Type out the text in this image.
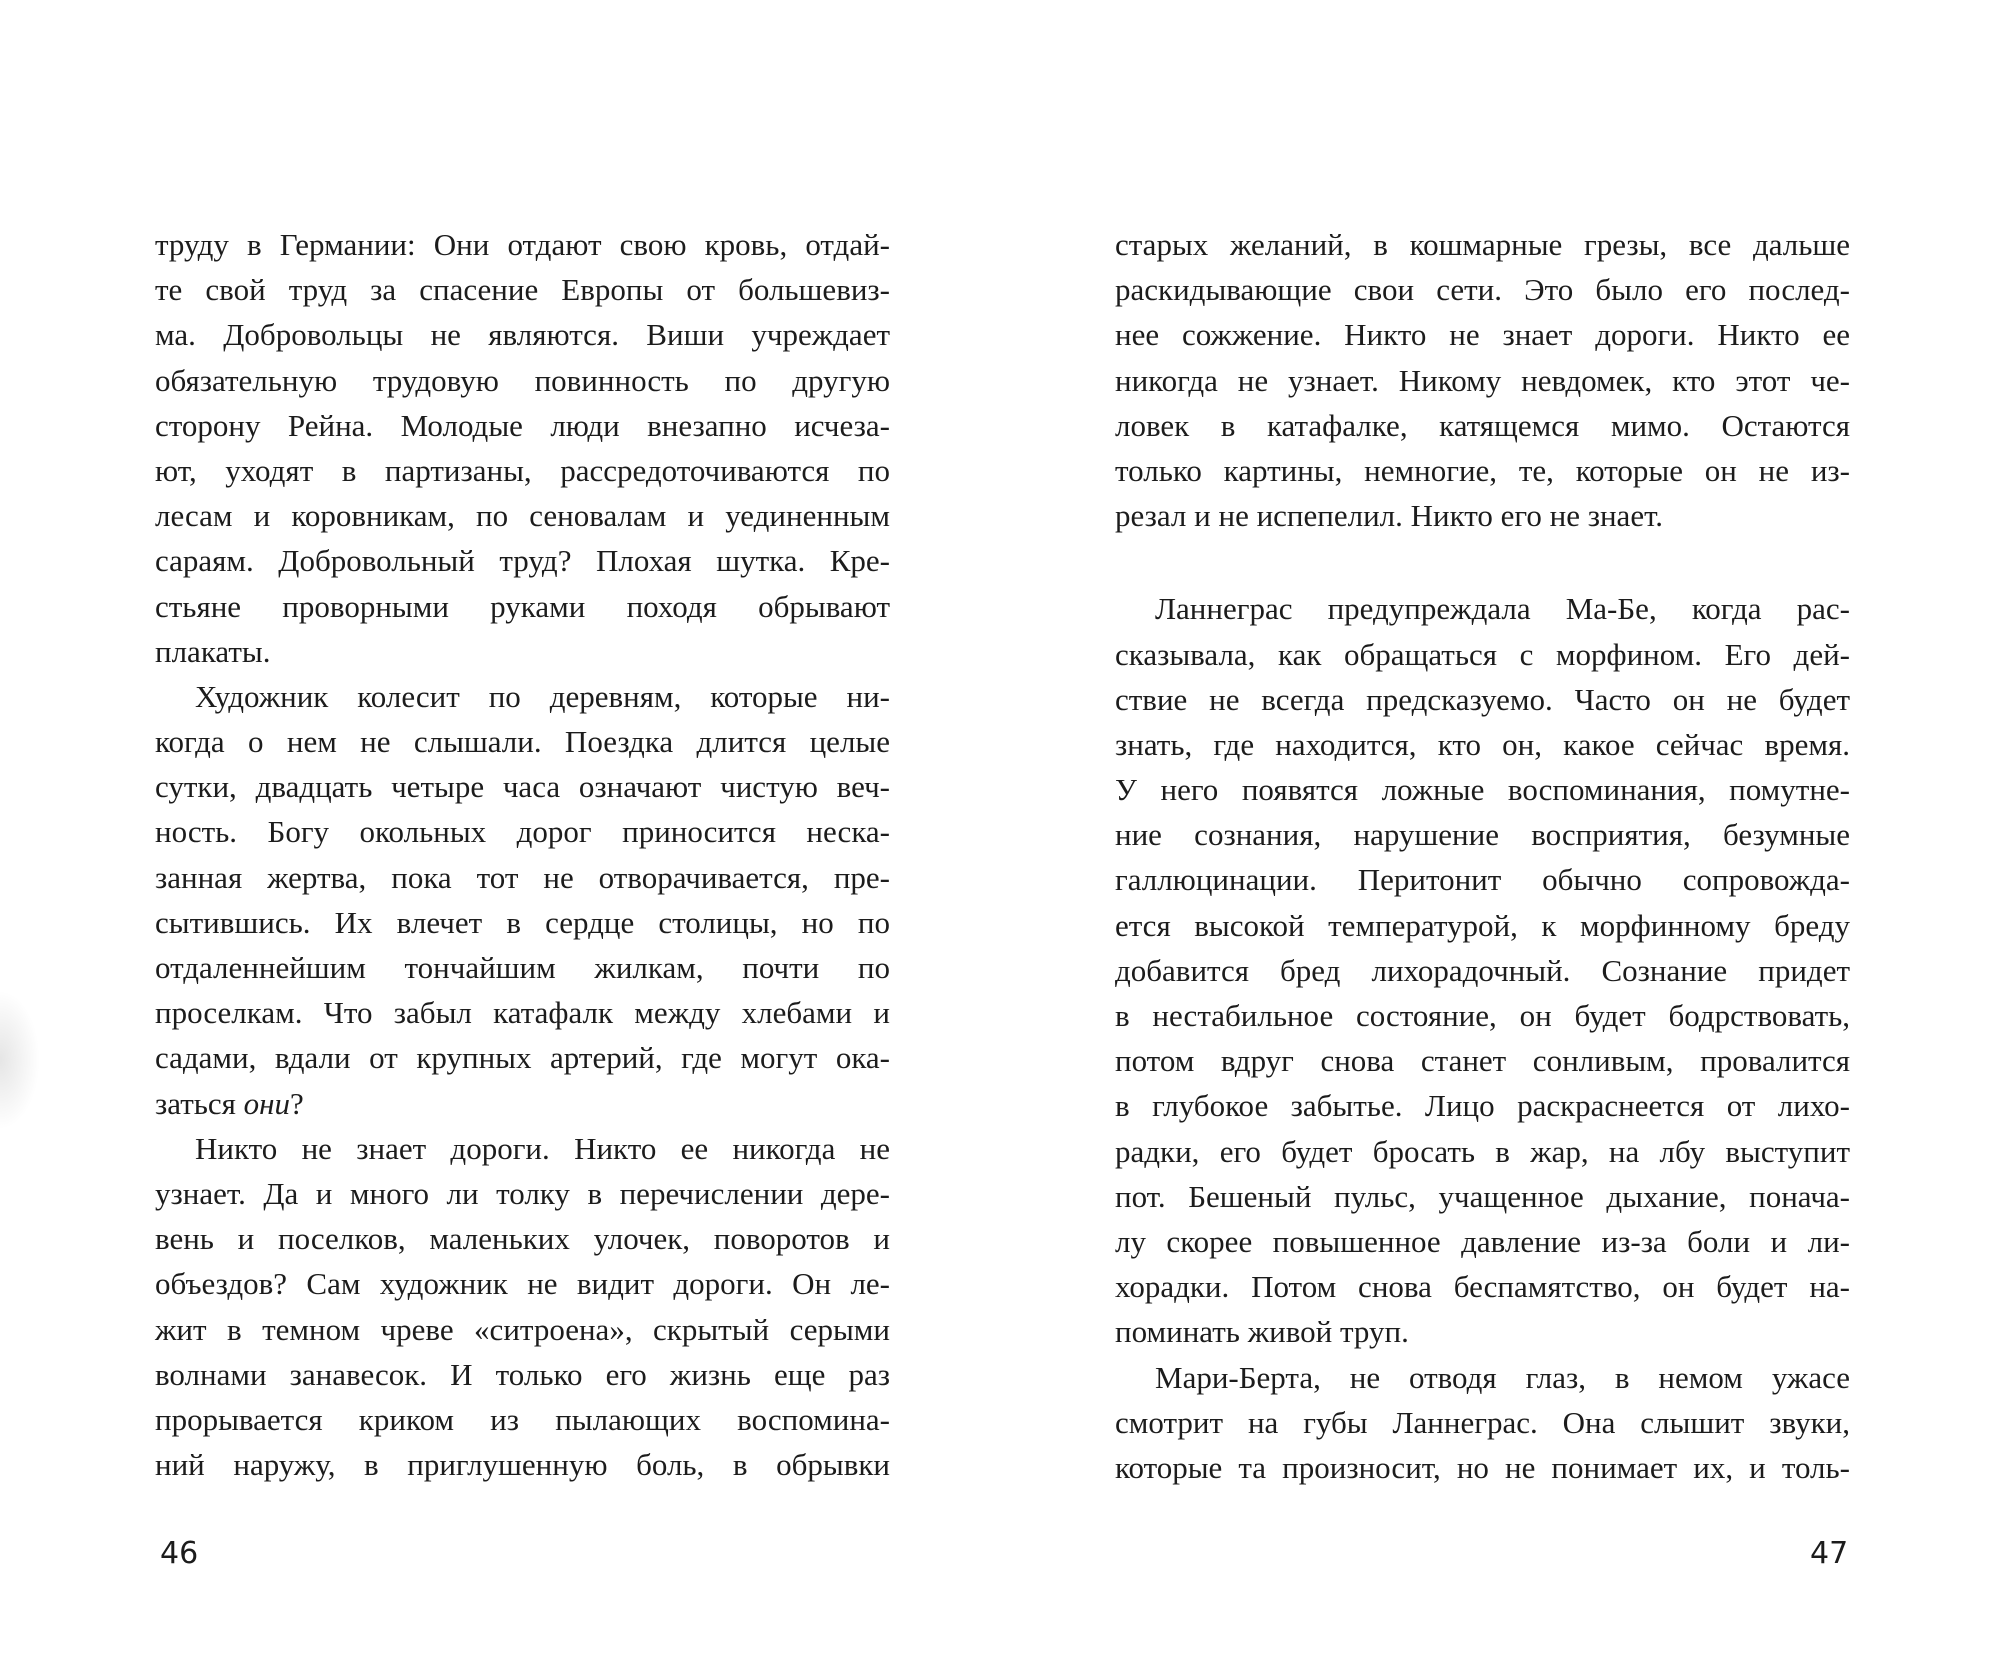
труду в Германии: Они отдают свою кровь, отдай-
те свой труд за спасение Европы от большевиз-
ма. Добровольцы не являются. Виши учреждает
обязательную трудовую повинность по другую
сторону Рейна. Молодые люди внезапно исчеза-
ют, уходят в партизаны, рассредоточиваются по
лесам и коровникам, по сеновалам и уединенным
сараям. Добровольный труд? Плохая шутка. Кре-
стьяне проворными руками походя обрывают
плакаты.
Художник колесит по деревням, которые ни-
когда о нем не слышали. Поездка длится целые
сутки, двадцать четыре часа означают чистую веч-
ность. Богу окольных дорог приносится неска-
занная жертва, пока тот не отворачивается, пре-
сытившись. Их влечет в сердце столицы, но по
отдаленнейшим тончайшим жилкам, почти по
проселкам. Что забыл катафалк между хлебами и
садами, вдали от крупных артерий, где могут ока-
заться они?
Никто не знает дороги. Никто ее никогда не
узнает. Да и много ли толку в перечислении дере-
вень и поселков, маленьких улочек, поворотов и
объездов? Сам художник не видит дороги. Он ле-
жит в темном чреве «ситроена», скрытый серыми
волнами занавесок. И только его жизнь еще раз
прорывается криком из пылающих воспомина-
ний наружу, в приглушенную боль, в обрывки
старых желаний, в кошмарные грезы, все дальше
раскидывающие свои сети. Это было его послед-
нее сожжение. Никто не знает дороги. Никто ее
никогда не узнает. Никому невдомек, кто этот че-
ловек в катафалке, катящемся мимо. Остаются
только картины, немногие, те, которые он не из-
резал и не испепелил. Никто его не знает.
Ланнеграс предупреждала Ма-Бе, когда рас-
сказывала, как обращаться с морфином. Его дей-
ствие не всегда предсказуемо. Часто он не будет
знать, где находится, кто он, какое сейчас время.
У него появятся ложные воспоминания, помутне-
ние сознания, нарушение восприятия, безумные
галлюцинации. Перитонит обычно сопровожда-
ется высокой температурой, к морфинному бреду
добавится бред лихорадочный. Сознание придет
в нестабильное состояние, он будет бодрствовать,
потом вдруг снова станет сонливым, провалится
в глубокое забытье. Лицо раскраснеется от лихо-
радки, его будет бросать в жар, на лбу выступит
пот. Бешеный пульс, учащенное дыхание, понача-
лу скорее повышенное давление из-за боли и ли-
хорадки. Потом снова беспамятство, он будет на-
поминать живой труп.
Мари-Берта, не отводя глаз, в немом ужасе
смотрит на губы Ланнеграс. Она слышит звуки,
которые та произносит, но не понимает их, и толь-
46	47
